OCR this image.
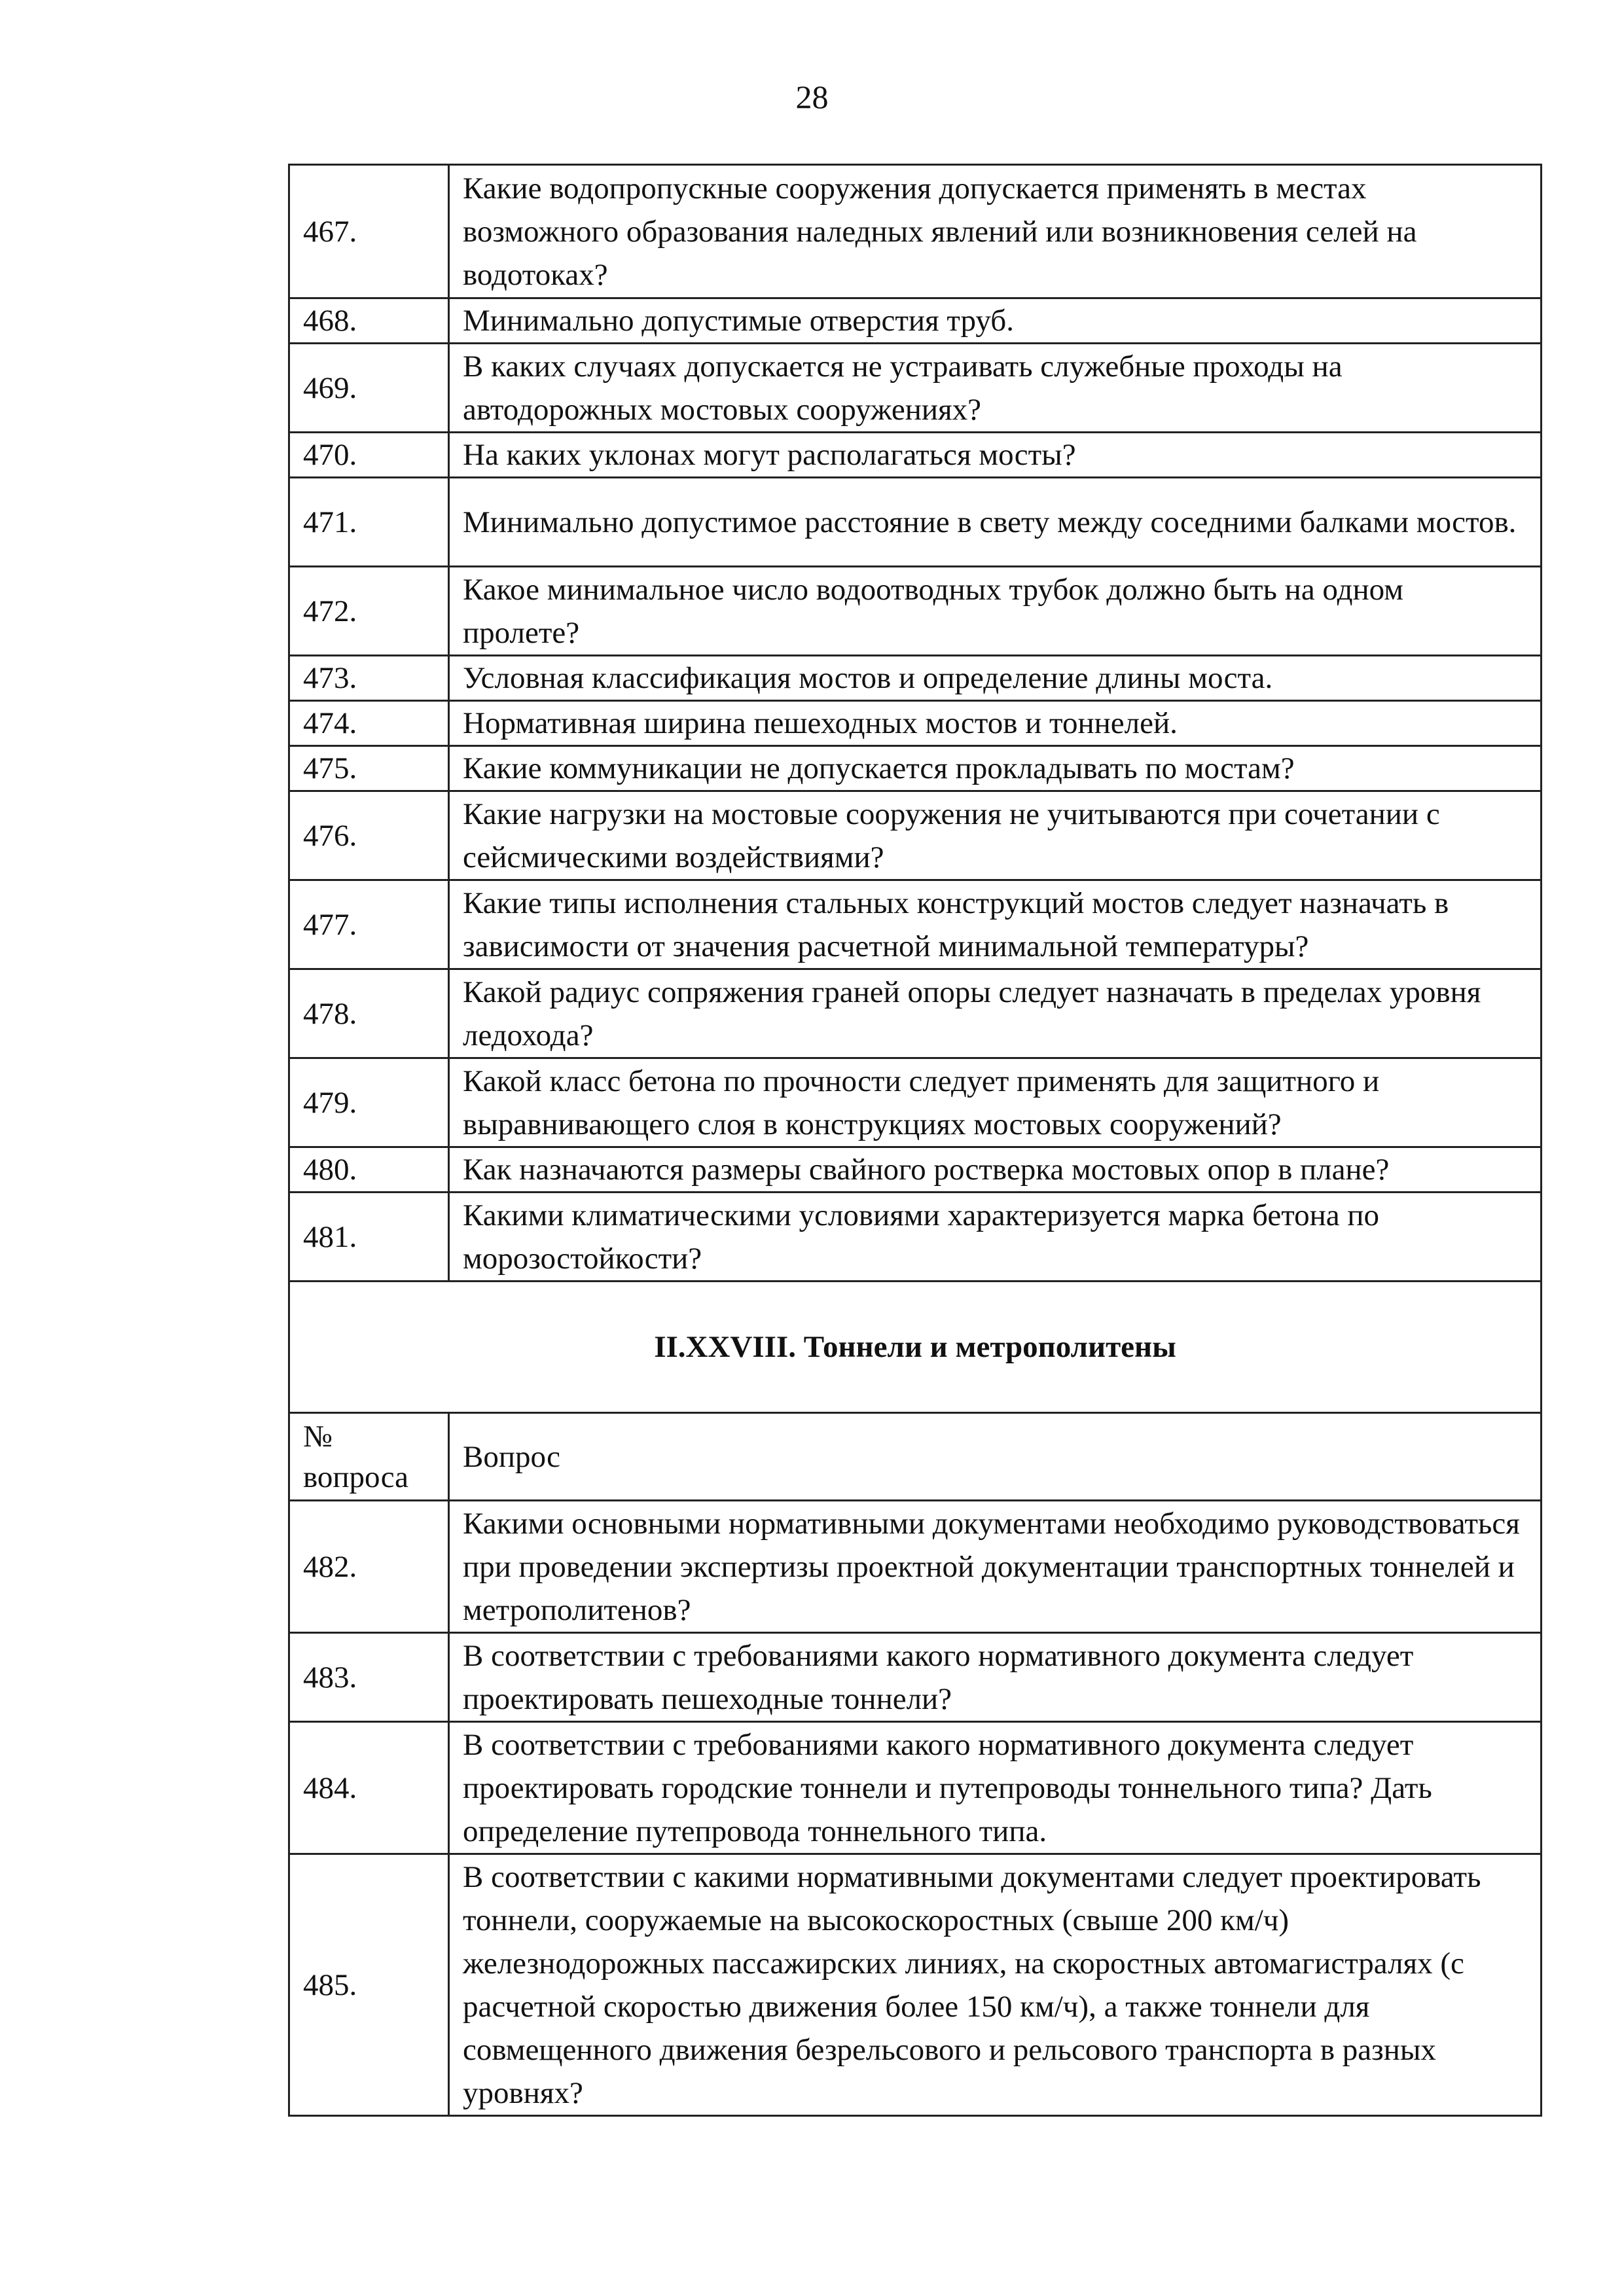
28
467.	Какие водопропускные сооружения допускается применять в местах возможного образования наледных явлений или возникновения селей на водотоках?
468.	Минимально допустимые отверстия труб.
469.	В каких случаях допускается не устраивать служебные проходы на автодорожных мостовых сооружениях?
470.	На каких уклонах могут располагаться мосты?
471.	Минимально допустимое расстояние в свету между соседними балками мостов.
472.	Какое минимальное число водоотводных трубок должно быть на одном пролете?
473.	Условная классификация мостов и определение длины моста.
474.	Нормативная ширина пешеходных мостов и тоннелей.
475.	Какие коммуникации не допускается прокладывать по мостам?
476.	Какие нагрузки на мостовые сооружения не учитываются при сочетании с сейсмическими воздействиями?
477.	Какие типы исполнения стальных конструкций мостов следует назначать в зависимости от значения расчетной минимальной температуры?
478.	Какой радиус сопряжения граней опоры следует назначать в пределах уровня ледохода?
479.	Какой класс бетона по прочности следует применять для защитного и выравнивающего слоя в конструкциях мостовых сооружений?
480.	Как назначаются размеры свайного ростверка мостовых опор в плане?
481.	Какими климатическими условиями характеризуется марка бетона по морозостойкости?
II.XXVIII. Тоннели и метрополитены	
№
вопроса	Вопрос
482.	Какими основными нормативными документами необходимо руководствоваться при проведении экспертизы проектной документации транспортных тоннелей и метрополитенов?
483.	В соответствии с требованиями какого нормативного документа следует проектировать пешеходные тоннели?
484.	В соответствии с требованиями какого нормативного документа следует проектировать городские тоннели и путепроводы тоннельного типа? Дать определение путепровода тоннельного типа.
485.	В соответствии с какими нормативными документами следует проектировать тоннели, сооружаемые на высокоскоростных (свыше 200 км/ч) железнодорожных пассажирских линиях, на скоростных автомагистралях (с расчетной скоростью движения более 150 км/ч), а также тоннели для совмещенного движения безрельсового и рельсового транспорта в разных уровнях?
